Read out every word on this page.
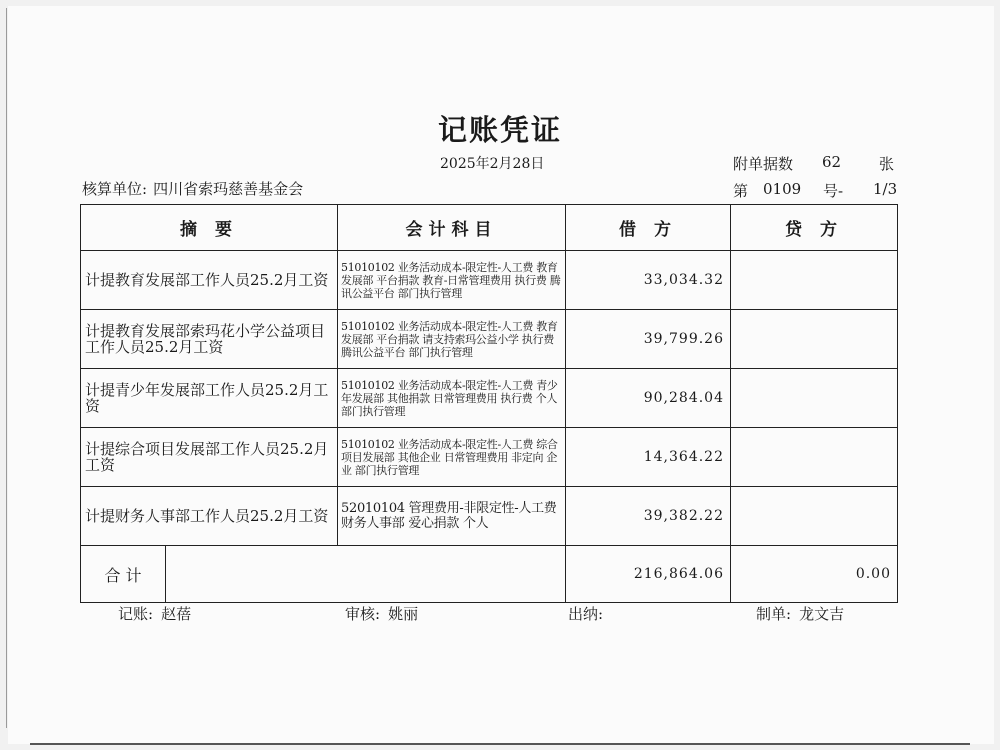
记账凭证
2025年2月28日	附单据数 62	张
核算单位: 四川省索玛慈善基金会	第 0109 号- 1/3
摘 要	会计科目	借 方	贷 方
计提教育发展部工作人员25.2月工资	51010102 业务活动成本-限定性-人工费 教育发展部 平台捐款 教育-日常管理费用 执行费 腾讯公益平台 部门执行管理	33,034.32	
计提教育发展部索玛花小学公益项目工作人员25.2月工资	51010102 业务活动成本-限定性-人工费 教育发展部 平台捐款 请支持索玛公益小学 执行费 腾讯公益平台 部门执行管理	39,799.26	
计提青少年发展部工作人员25.2月工资	51010102 业务活动成本-限定性-人工费 青少年发展部 其他捐款 日常管理费用 执行费 个人 部门执行管理	90,284.04	
计提综合项目发展部工作人员25.2月工资	51010102 业务活动成本-限定性-人工费 综合项目发展部 其他企业 日常管理费用 非定向 企业 部门执行管理	14,364.22	
计提财务人事部工作人员25.2月工资	52010104 管理费用-非限定性-人工费 财务人事部 爱心捐款 个人	39,382.22	

合 计		216,864.06	0.00
记账: 赵蓓	审核: 姚丽	出纳:	制单: 龙文吉
